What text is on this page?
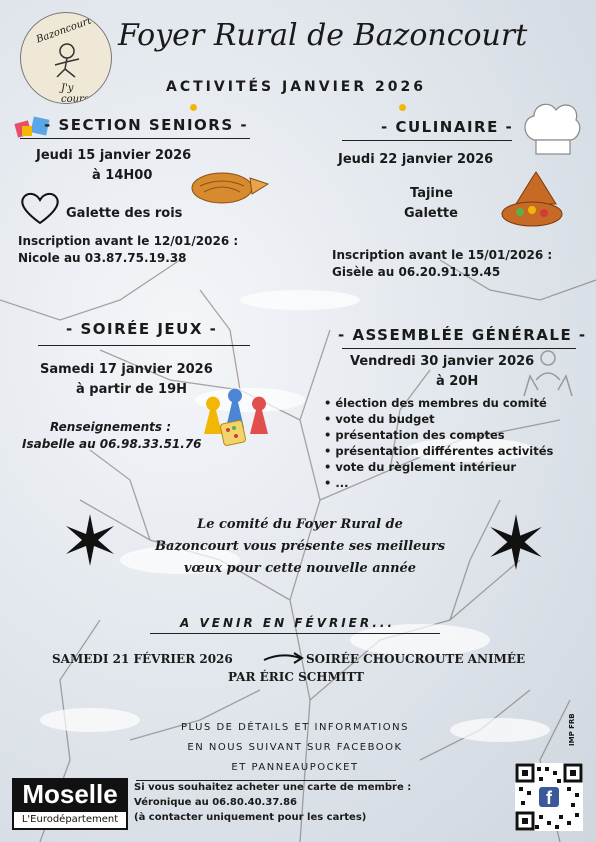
Bazoncourt
J'y cours...
Foyer Rural de Bazoncourt
ACTIVITÉS JANVIER 2026
- SECTION SENIORS -
Jeudi 15 janvier 2026
à 14H00
Galette des rois
Inscription avant le 12/01/2026 :
Nicole au 03.87.75.19.38
- CULINAIRE -
Jeudi 22 janvier 2026
Tajine
Galette
Inscription avant le 15/01/2026 :
Gisèle au 06.20.91.19.45
- SOIRÉE JEUX -
Samedi 17 janvier 2026
à partir de 19H
Renseignements :
Isabelle au 06.98.33.51.76
- ASSEMBLÉE GÉNÉRALE -
Vendredi 30 janvier 2026
à 20H
• élection des membres du comité
• vote du budget
• présentation des comptes
• présentation différentes activités
• vote du règlement intérieur
• ...
Le comité du Foyer Rural de
Bazoncourt vous présente ses meilleurs
vœux pour cette nouvelle année
A VENIR EN FÉVRIER...
SAMEDI 21 FÉVRIER 2026	SOIRÉE CHOUCROUTE ANIMÉE
PAR ÉRIC SCHMITT
PLUS DE DÉTAILS ET INFORMATIONS
EN NOUS SUIVANT SUR FACEBOOK
ET PANNEAUPOCKET
IMP FRB
Si vous souhaitez acheter une carte de membre :
Véronique au 06.80.40.37.86
(à contacter uniquement pour les cartes)
Moselle
L'Eurodépartement
f
